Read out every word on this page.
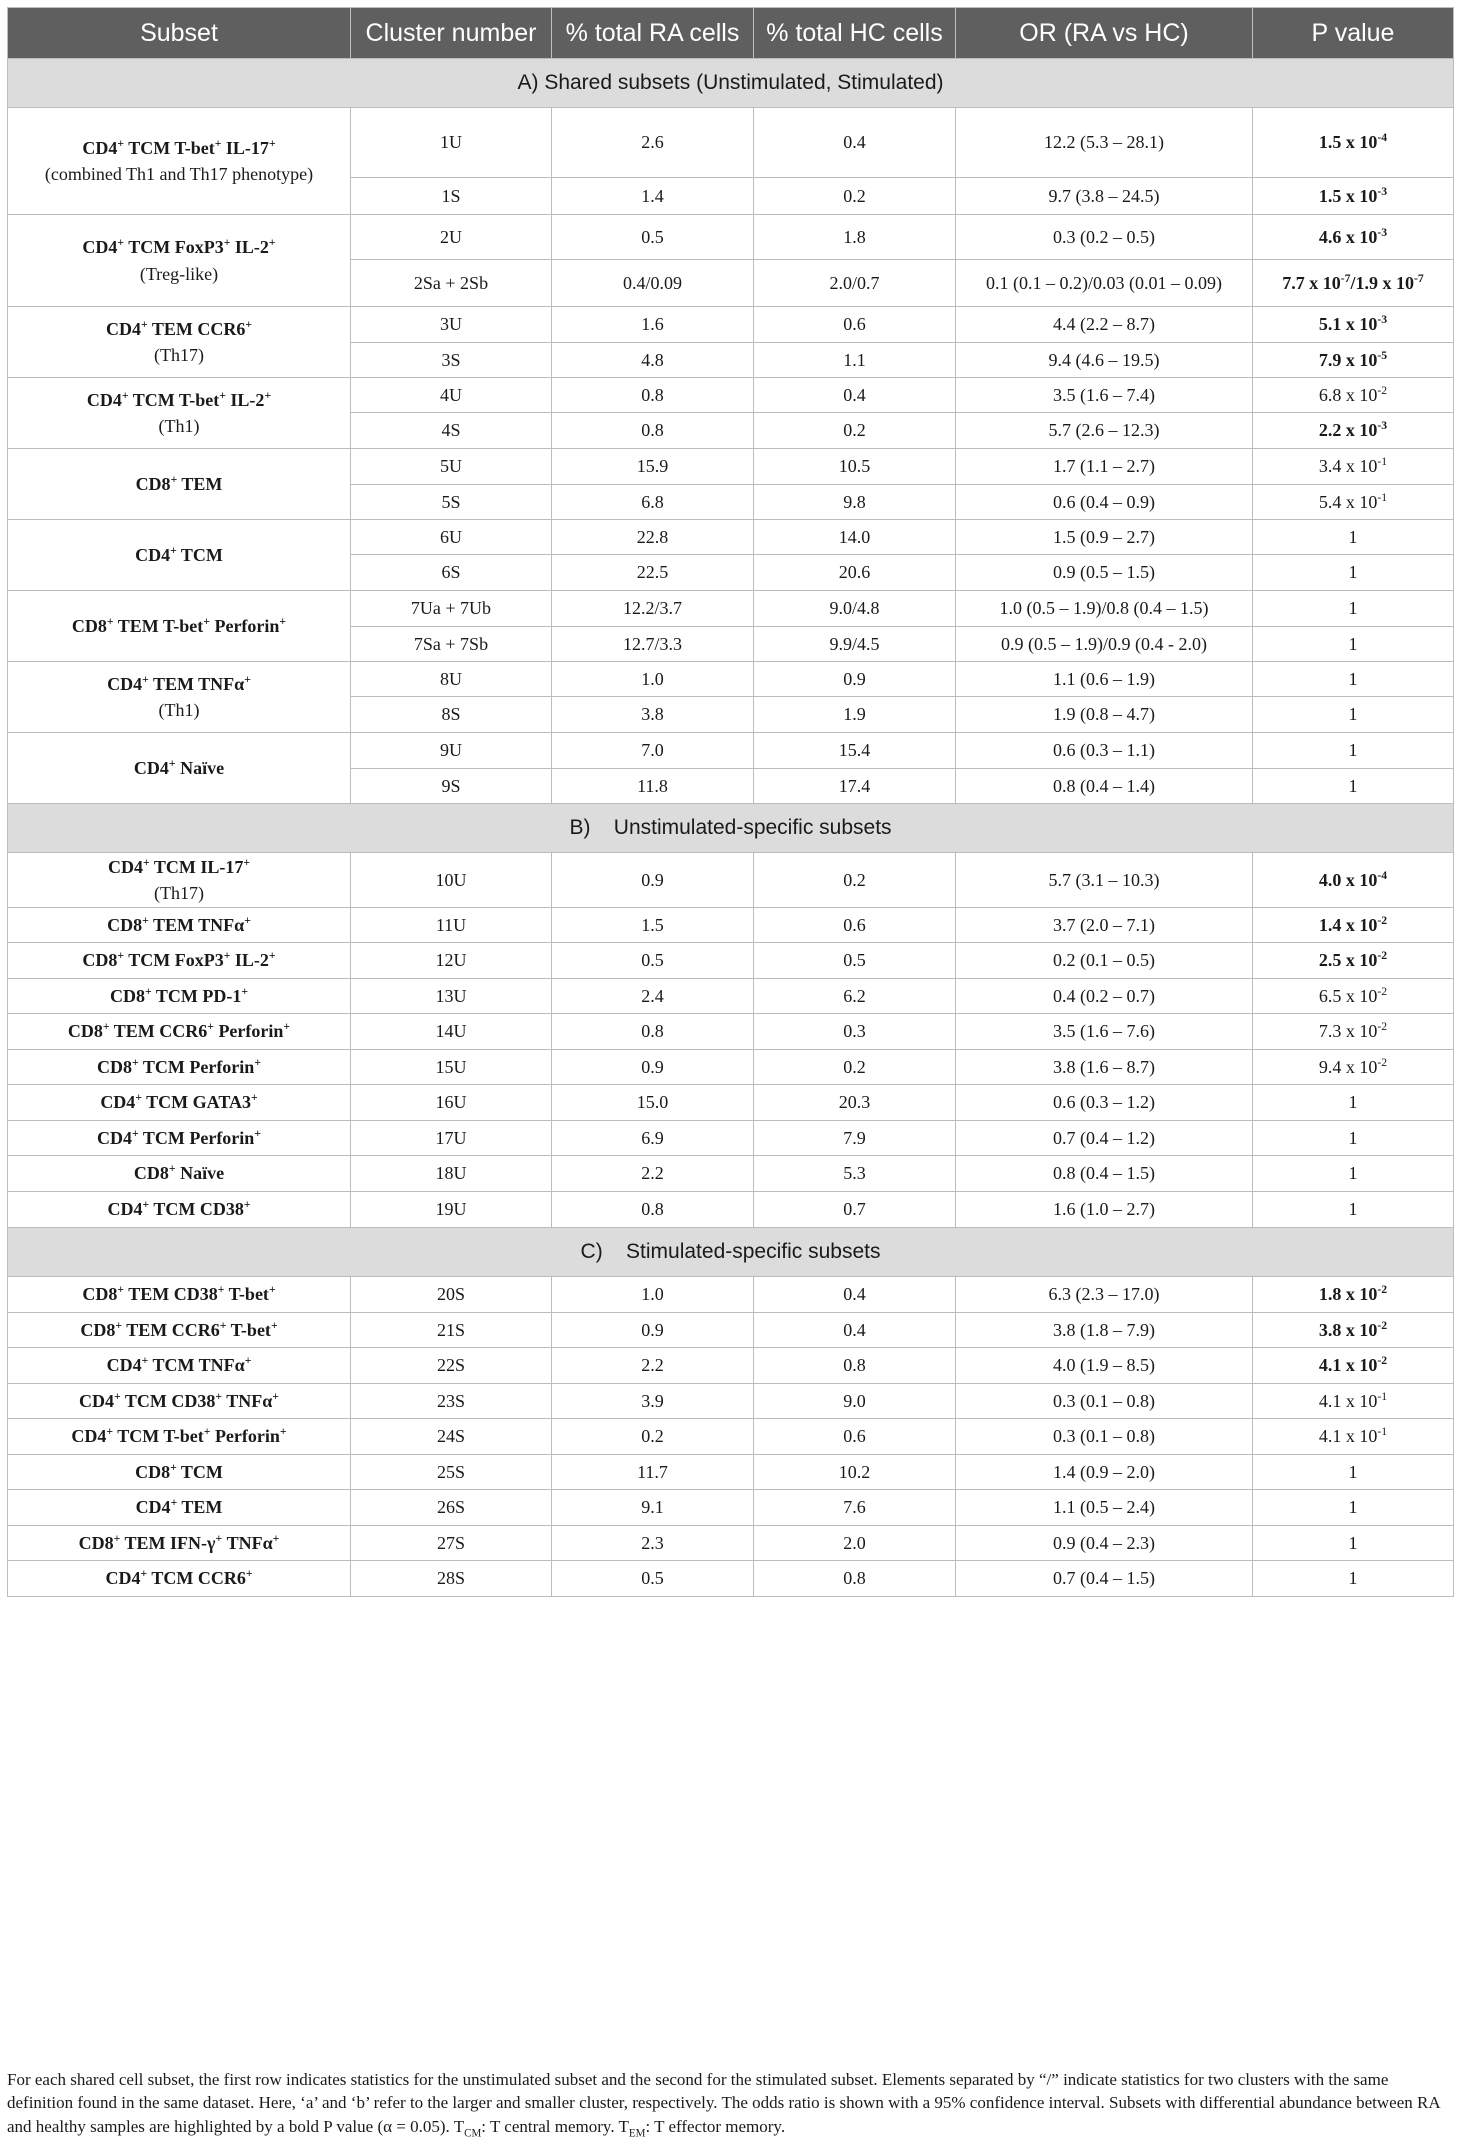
Subset	Cluster number	% total RA cells	% total HC cells	OR (RA vs HC)	P value
A) Shared subsets (Unstimulated, Stimulated)					
CD4+ TCM T-bet+ IL-17+
(combined Th1 and Th17 phenotype)	1U	2.6	0.4	12.2 (5.3 – 28.1)	1.5 x $10^{-4}$
	1S	1.4	0.2	9.7 (3.8 – 24.5)	1.5 x $10^{-3}$
CD4+ TCM FoxP3+ IL-2+
(Treg-like)	2U	0.5	1.8	0.3 (0.2 – 0.5)	4.6 x $10^{-3}$
	2Sa + 2Sb	0.4/0.09	2.0/0.7	0.1 (0.1 – 0.2)/0.03 (0.01 – 0.09)	7.7 x $10^{-7}/1.9$ x $10^{-7}$
CD4+ TEM CCR6+
(Th17)	3U	1.6	0.6	4.4 (2.2 – 8.7)	5.1 x $10^{-3}$
	3S	4.8	1.1	9.4 (4.6 – 19.5)	7.9 x $10^{-5}$
CD4+ TCM T-bet+ IL-2+
(Th1)	4U	0.8	0.4	3.5 (1.6 – 7.4)	6.8 x $10^{-2}$
	4S	0.8	0.2	5.7 (2.6 – 12.3)	2.2 x $10^{-3}$
CD8+ TEM	5U	15.9	10.5	1.7 (1.1 – 2.7)	3.4 x $10^{-1}$
	5S	6.8	9.8	0.6 (0.4 – 0.9)	5.4 x $10^{-1}$
CD4+ TCM	6U	22.8	14.0	1.5 (0.9 – 2.7)	1
	6S	22.5	20.6	0.9 (0.5 – 1.5)	1
CD8+ TEM T-bet+ Perforin+	7Ua + 7Ub	12.2/3.7	9.0/4.8	1.0 (0.5 – 1.9)/0.8 (0.4 – 1.5)	1
	7Sa + 7Sb	12.7/3.3	9.9/4.5	0.9 (0.5 – 1.9)/0.9 (0.4 - 2.0)	1
CD4+ TEM TNFα+
(Th1)	8U	1.0	0.9	1.1 (0.6 – 1.9)	1
	8S	3.8	1.9	1.9 (0.8 – 4.7)	1
CD4+ Naïve	9U	7.0	15.4	0.6 (0.3 – 1.1)	1
	9S	11.8	17.4	0.8 (0.4 – 1.4)	1
B)    Unstimulated-specific subsets					
CD4+ TCM IL-17+
(Th17)	10U	0.9	0.2	5.7 (3.1 – 10.3)	4.0 x $10^{-4}$
CD8+ TEM TNFα+	11U	1.5	0.6	3.7 (2.0 – 7.1)	1.4 x $10^{-2}$
CD8+ TCM FoxP3+ IL-2+	12U	0.5	0.5	0.2 (0.1 – 0.5)	2.5 x $10^{-2}$
CD8+ TCM PD-1+	13U	2.4	6.2	0.4 (0.2 – 0.7)	6.5 x $10^{-2}$
CD8+ TEM CCR6+ Perforin+	14U	0.8	0.3	3.5 (1.6 – 7.6)	7.3 x $10^{-2}$
CD8+ TCM Perforin+	15U	0.9	0.2	3.8 (1.6 – 8.7)	9.4 x $10^{-2}$
CD4+ TCM GATA3+	16U	15.0	20.3	0.6 (0.3 – 1.2)	1
CD4+ TCM Perforin+	17U	6.9	7.9	0.7 (0.4 – 1.2)	1
CD8+ Naïve	18U	2.2	5.3	0.8 (0.4 – 1.5)	1
CD4+ TCM CD38+	19U	0.8	0.7	1.6 (1.0 – 2.7)	1
C)    Stimulated-specific subsets					
CD8+ TEM CD38+ T-bet+	20S	1.0	0.4	6.3 (2.3 – 17.0)	1.8 x $10^{-2}$
CD8+ TEM CCR6+ T-bet+	21S	0.9	0.4	3.8 (1.8 – 7.9)	3.8 x $10^{-2}$
CD4+ TCM TNFα+	22S	2.2	0.8	4.0 (1.9 – 8.5)	4.1 x $10^{-2}$
CD4+ TCM CD38+ TNFα+	23S	3.9	9.0	0.3 (0.1 – 0.8)	4.1 x $10^{-1}$
CD4+ TCM T-bet+ Perforin+	24S	0.2	0.6	0.3 (0.1 – 0.8)	4.1 x $10^{-1}$
CD8+ TCM	25S	11.7	10.2	1.4 (0.9 – 2.0)	1
CD4+ TEM	26S	9.1	7.6	1.1 (0.5 – 2.4)	1
CD8+ TEM IFN-γ+ TNFα+	27S	2.3	2.0	0.9 (0.4 – 2.3)	1
CD4+ TCM CCR6+	28S	0.5	0.8	0.7 (0.4 – 1.5)	1
For each shared cell subset, the first row indicates statistics for the unstimulated subset and the second for the stimulated subset. Elements separated by “/” indicate statistics for two clusters with the same definition found in the same dataset. Here, ‘a’ and ‘b’ refer to the larger and smaller cluster, respectively. The odds ratio is shown with a 95% confidence interval. Subsets with differential abundance between RA and healthy samples are highlighted by a bold P value (α = 0.05). $T_{CM}$: T central memory. $T_{EM}$: T effector memory.
